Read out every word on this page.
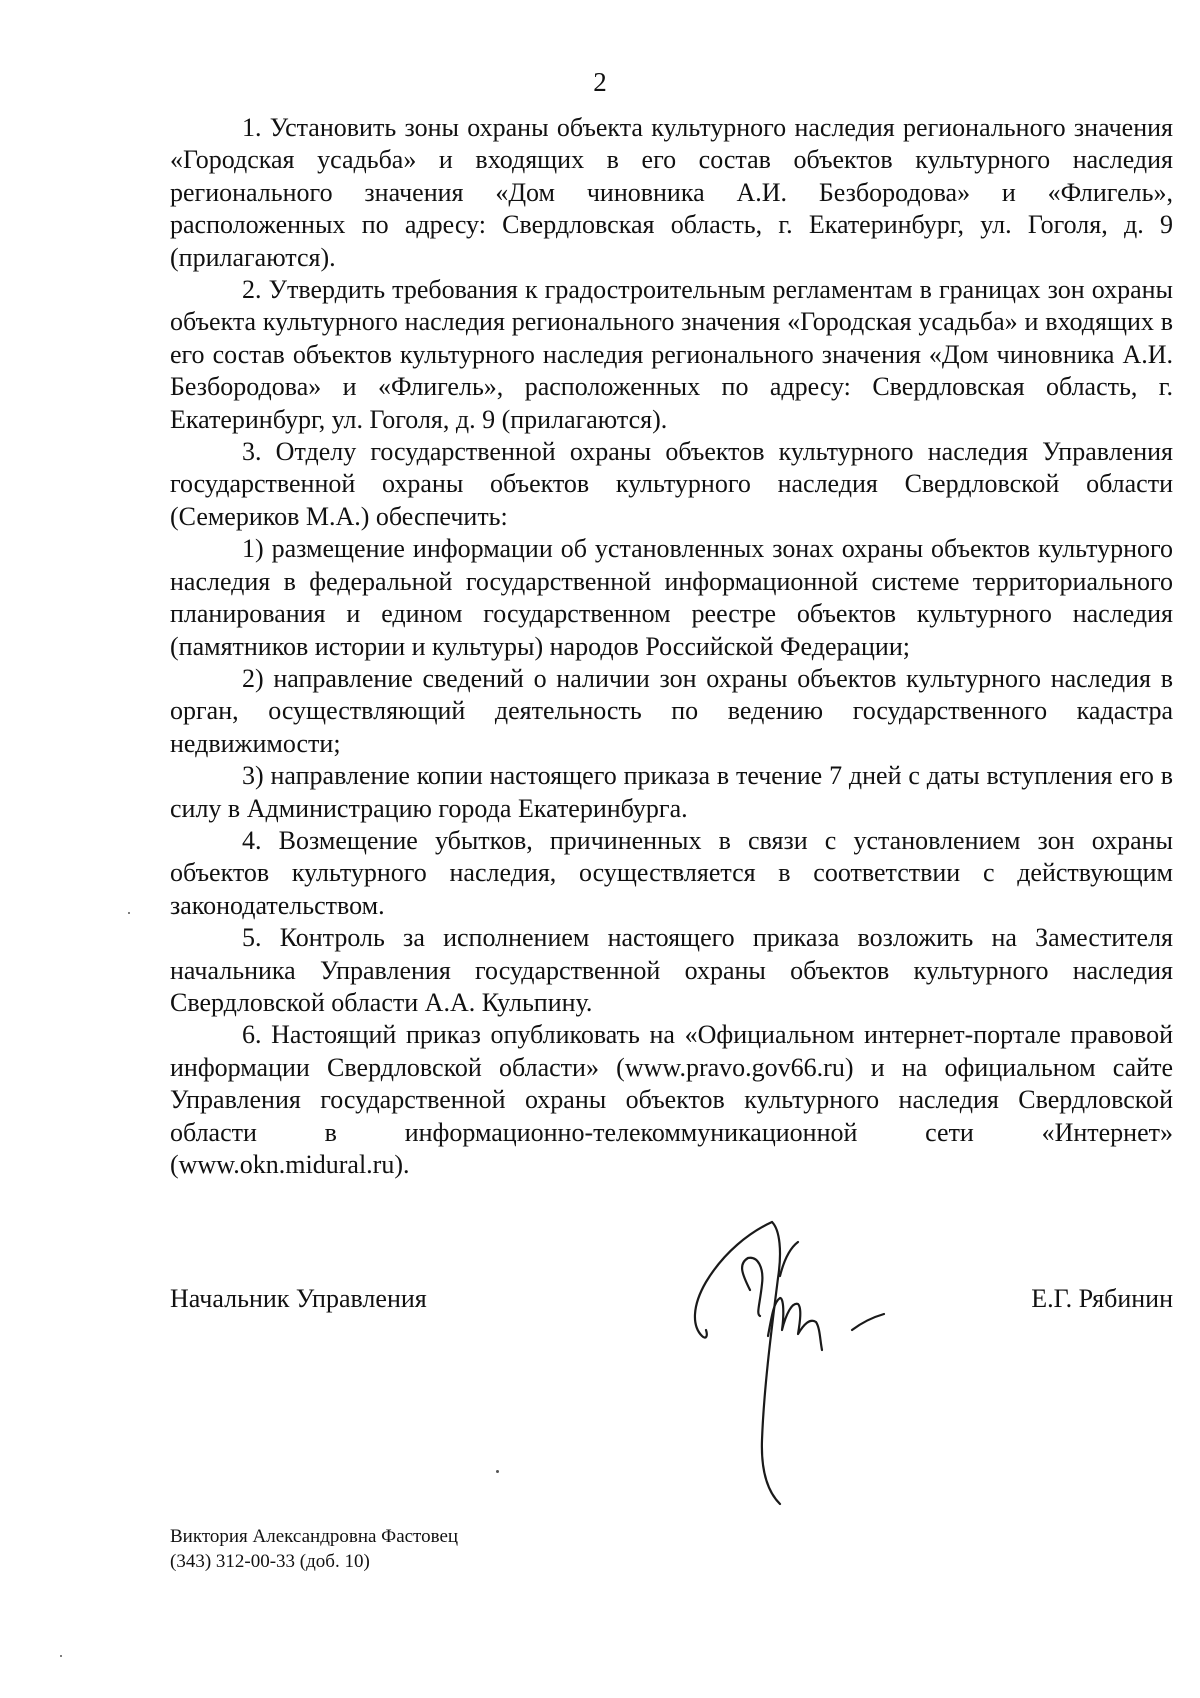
2

1. Установить зоны охраны объекта культурного наследия регионального значения «Городская усадьба» и входящих в его состав объектов культурного наследия регионального значения «Дом чиновника А.И. Безбородова» и «Флигель», расположенных по адресу: Свердловская область, г. Екатеринбург, ул. Гоголя, д. 9 (прилагаются).

2. Утвердить требования к градостроительным регламентам в границах зон охраны объекта культурного наследия регионального значения «Городская усадьба» и входящих в его состав объектов культурного наследия регионального значения «Дом чиновника А.И. Безбородова» и «Флигель», расположенных по адресу: Свердловская область, г. Екатеринбург, ул. Гоголя, д. 9 (прилагаются).

3. Отделу государственной охраны объектов культурного наследия Управления государственной охраны объектов культурного наследия Свердловской области (Семериков М.А.) обеспечить:

1) размещение информации об установленных зонах охраны объектов культурного наследия в федеральной государственной информационной системе территориального планирования и едином государственном реестре объектов культурного наследия (памятников истории и культуры) народов Российской Федерации;

2) направление сведений о наличии зон охраны объектов культурного наследия в орган, осуществляющий деятельность по ведению государственного кадастра недвижимости;

3) направление копии настоящего приказа в течение 7 дней с даты вступления его в силу в Администрацию города Екатеринбурга.

4. Возмещение убытков, причиненных в связи с установлением зон охраны объектов культурного наследия, осуществляется в соответствии с действующим законодательством.

5. Контроль за исполнением настоящего приказа возложить на Заместителя начальника Управления государственной охраны объектов культурного наследия Свердловской области А.А. Кульпину.

6. Настоящий приказ опубликовать на «Официальном интернет-портале правовой информации Свердловской области» (www.pravo.gov66.ru) и на официальном сайте Управления государственной охраны объектов культурного наследия Свердловской области в информационно-телекоммуникационной сети «Интернет» (www.okn.midural.ru).

Начальник Управления	Е.Г. Рябинин
Виктория Александровна Фастовец
(343) 312-00-33 (доб. 10)
